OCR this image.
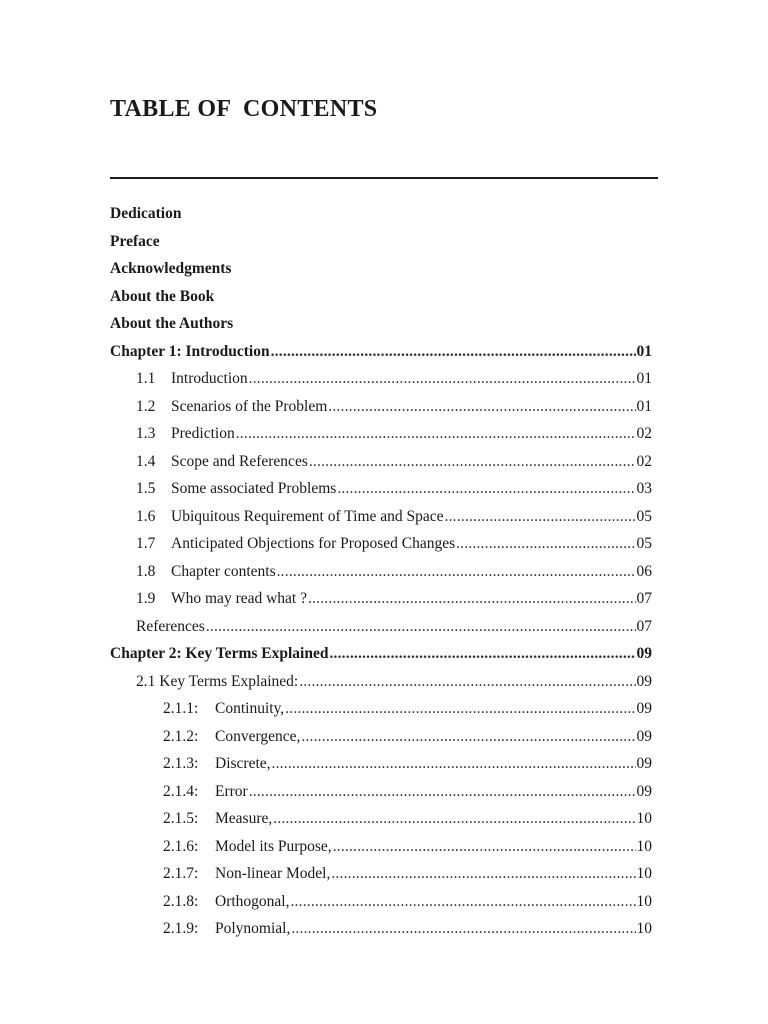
TABLE OF  CONTENTS
Dedication
Preface
Acknowledgments
About the Book
About the Authors
Chapter 1: Introduction .....	01
1.1	Introduction .....	01
1.2	Scenarios of the Problem .....	01
1.3	Prediction .....	02
1.4	Scope and References .....	02
1.5	Some associated Problems .....	03
1.6	Ubiquitous Requirement of Time and Space .....	05
1.7	Anticipated Objections for Proposed Changes .....	05
1.8	Chapter contents .....	06
1.9	Who may read what ? .....	07
References .....	07
Chapter 2: Key Terms Explained .....	09
2.1 Key Terms Explained: .....	09
2.1.1:	Continuity, .....	09
2.1.2:	Convergence, .....	09
2.1.3:	Discrete, .....	09
2.1.4:	Error .....	09
2.1.5:	Measure, .....	10
2.1.6:	Model its Purpose, .....	10
2.1.7:	Non-linear Model, .....	10
2.1.8:	Orthogonal, .....	10
2.1.9:	Polynomial, .....	10
